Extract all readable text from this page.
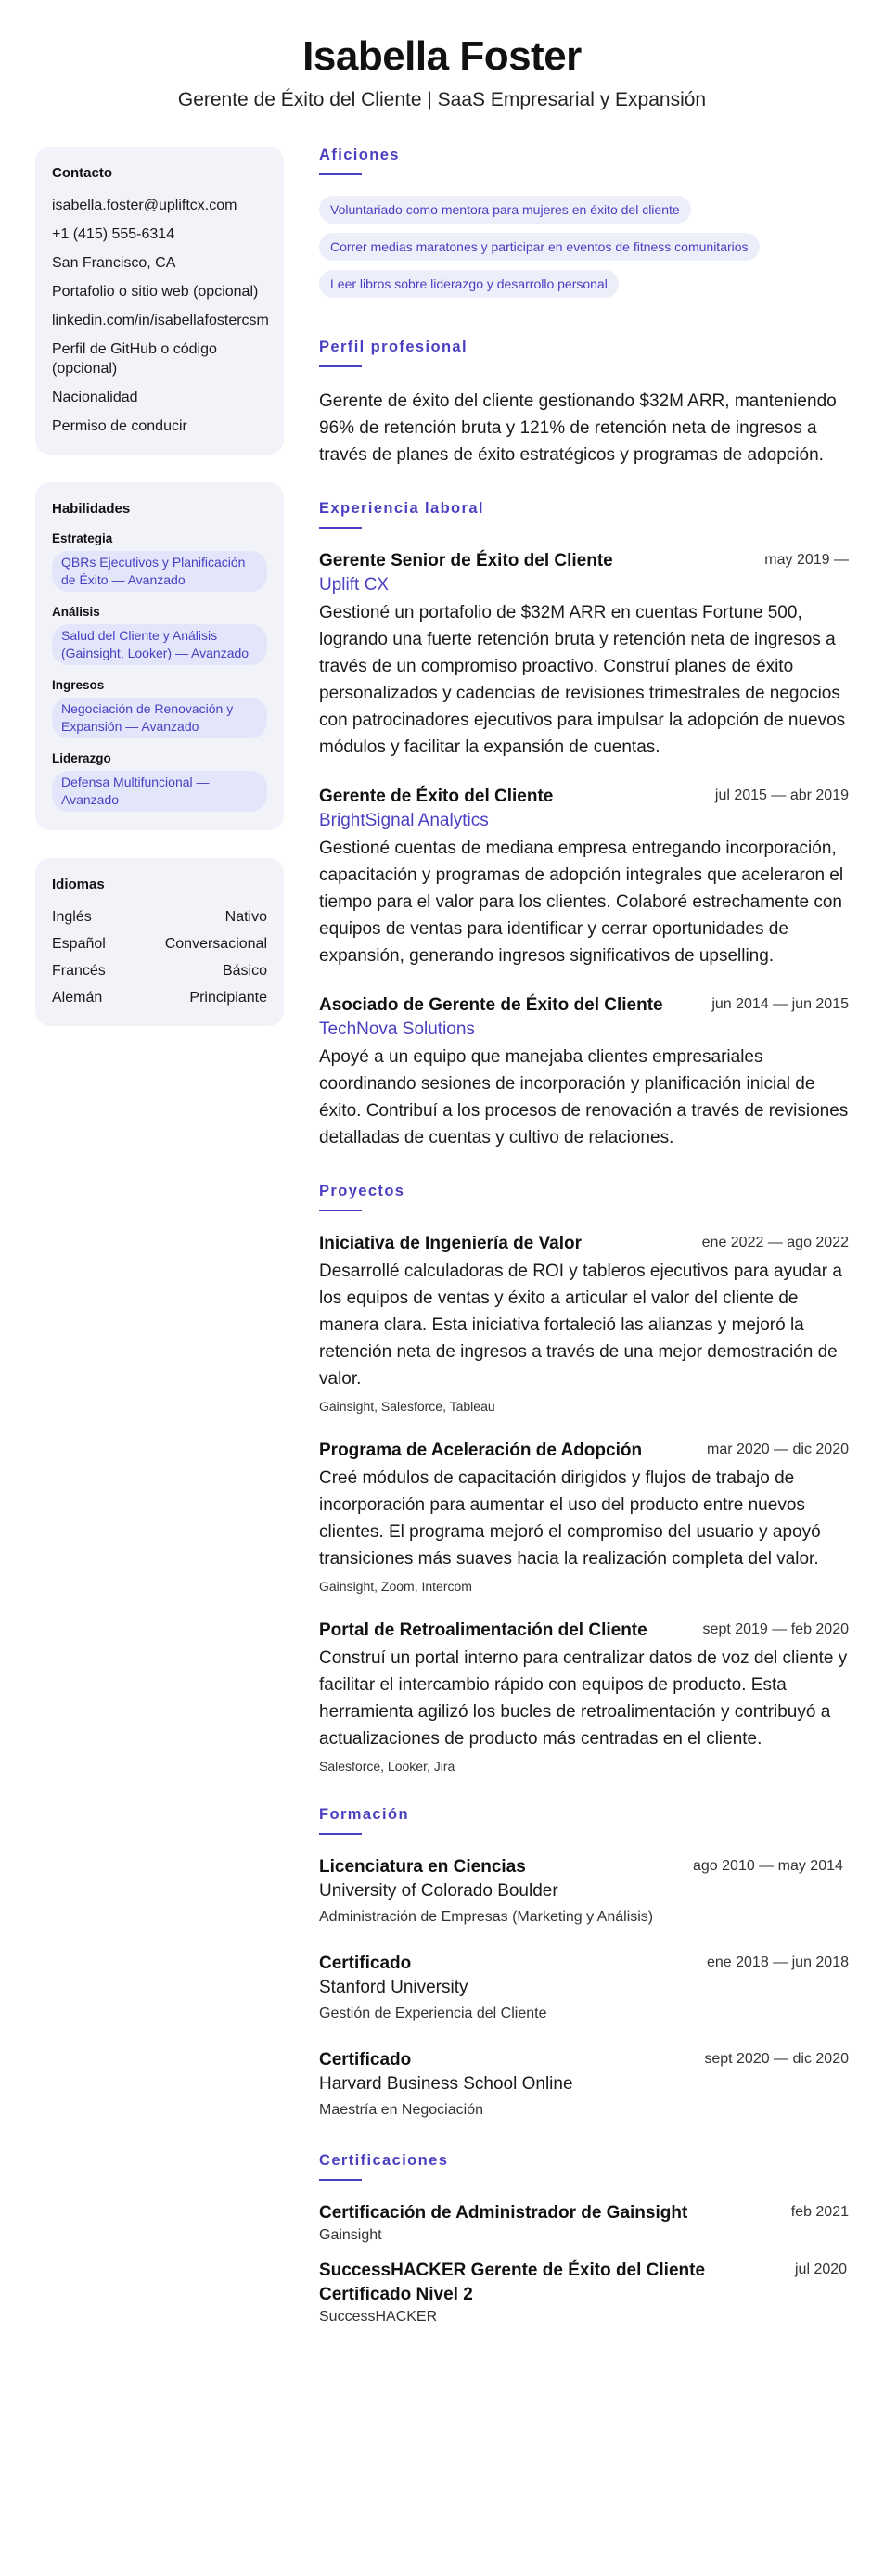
Isabella Foster
Gerente de Éxito del Cliente | SaaS Empresarial y Expansión
Contacto
isabella.foster@upliftcx.com
+1 (415) 555-6314
San Francisco, CA
Portafolio o sitio web (opcional)
linkedin.com/in/isabellafostercsm
Perfil de GitHub o código (opcional)
Nacionalidad
Permiso de conducir
Habilidades
Estrategia
QBRs Ejecutivos y Planificación de Éxito — Avanzado
Análisis
Salud del Cliente y Análisis (Gainsight, Looker) — Avanzado
Ingresos
Negociación de Renovación y Expansión — Avanzado
Liderazgo
Defensa Multifuncional — Avanzado
Idiomas
Inglés	Nativo
Español	Conversacional
Francés	Básico
Alemán	Principiante
Aficiones
Voluntariado como mentora para mujeres en éxito del cliente
Correr medias maratones y participar en eventos de fitness comunitarios
Leer libros sobre liderazgo y desarrollo personal
Perfil profesional
Gerente de éxito del cliente gestionando $32M ARR, manteniendo 96% de retención bruta y 121% de retención neta de ingresos a través de planes de éxito estratégicos y programas de adopción.
Experiencia laboral
Gerente Senior de Éxito del Cliente	may 2019 —
Uplift CX
Gestioné un portafolio de $32M ARR en cuentas Fortune 500, logrando una fuerte retención bruta y retención neta de ingresos a través de un compromiso proactivo. Construí planes de éxito personalizados y cadencias de revisiones trimestrales de negocios con patrocinadores ejecutivos para impulsar la adopción de nuevos módulos y facilitar la expansión de cuentas.
Gerente de Éxito del Cliente	jul 2015 — abr 2019
BrightSignal Analytics
Gestioné cuentas de mediana empresa entregando incorporación, capacitación y programas de adopción integrales que aceleraron el tiempo para el valor para los clientes. Colaboré estrechamente con equipos de ventas para identificar y cerrar oportunidades de expansión, generando ingresos significativos de upselling.
Asociado de Gerente de Éxito del Cliente	jun 2014 — jun 2015
TechNova Solutions
Apoyé a un equipo que manejaba clientes empresariales coordinando sesiones de incorporación y planificación inicial de éxito. Contribuí a los procesos de renovación a través de revisiones detalladas de cuentas y cultivo de relaciones.
Proyectos
Iniciativa de Ingeniería de Valor	ene 2022 — ago 2022
Desarrollé calculadoras de ROI y tableros ejecutivos para ayudar a los equipos de ventas y éxito a articular el valor del cliente de manera clara. Esta iniciativa fortaleció las alianzas y mejoró la retención neta de ingresos a través de una mejor demostración de valor.
Gainsight, Salesforce, Tableau
Programa de Aceleración de Adopción	mar 2020 — dic 2020
Creé módulos de capacitación dirigidos y flujos de trabajo de incorporación para aumentar el uso del producto entre nuevos clientes. El programa mejoró el compromiso del usuario y apoyó transiciones más suaves hacia la realización completa del valor.
Gainsight, Zoom, Intercom
Portal de Retroalimentación del Cliente	sept 2019 — feb 2020
Construí un portal interno para centralizar datos de voz del cliente y facilitar el intercambio rápido con equipos de producto. Esta herramienta agilizó los bucles de retroalimentación y contribuyó a actualizaciones de producto más centradas en el cliente.
Salesforce, Looker, Jira
Formación
Licenciatura en Ciencias
University of Colorado Boulder
Administración de Empresas (Marketing y Análisis)
ago 2010 — may 2014
Certificado
Stanford University
Gestión de Experiencia del Cliente
ene 2018 — jun 2018
Certificado
Harvard Business School Online
Maestría en Negociación
sept 2020 — dic 2020
Certificaciones
Certificación de Administrador de Gainsight	feb 2021
Gainsight
SuccessHACKER Gerente de Éxito del Cliente Certificado Nivel 2
jul 2020
SuccessHACKER
